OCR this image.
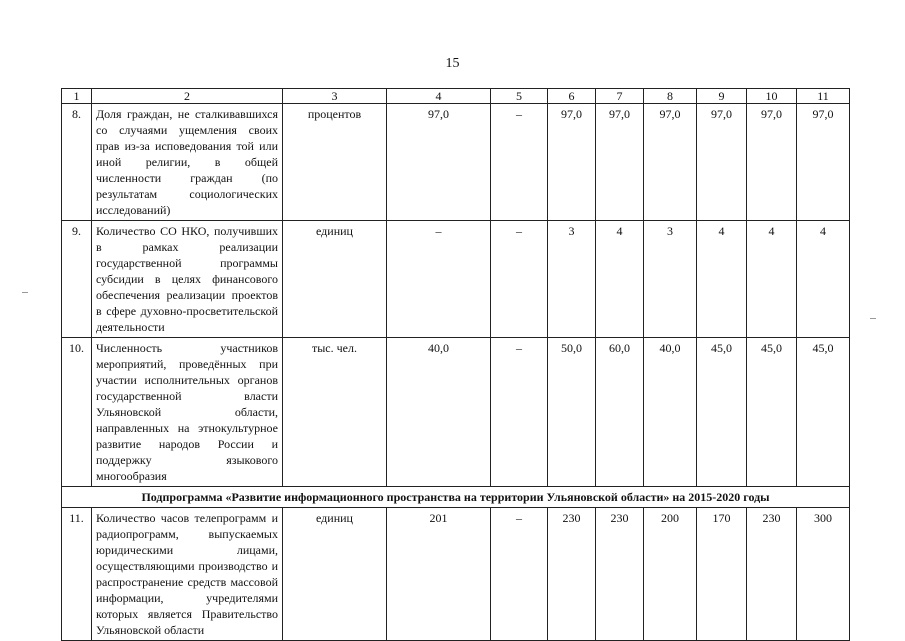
15
1	2	3	4	5	6	7	8	9	10	11
8.	Доля граждан, не сталкивавшихся со случаями ущемления своих прав из-за исповедования той или иной религии, в общей численности граждан (по результатам социологических исследований)	процентов	97,0	–	97,0	97,0	97,0	97,0	97,0	97,0
9.	Количество СО НКО, получивших в рамках реализации государственной программы субсидии в целях финансового обеспечения реализации проектов в сфере духовно-просветительской деятельности	единиц	–	–	3	4	3	4	4	4
10.	Численность участников мероприятий, проведённых при участии исполнительных органов государственной власти Ульяновской области, направленных на этнокультурное развитие народов России и поддержку языкового многообразия	тыс. чел.	40,0	–	50,0	60,0	40,0	45,0	45,0	45,0
Подпрограмма «Развитие информационного пространства на территории Ульяновской области» на 2015-2020 годы										
11.	Количество часов телепрограмм и радиопрограмм, выпускаемых юридическими лицами, осуществляющими производство и распространение средств массовой информации, учредителями которых является Правительство Ульяновской области	единиц	201	–	230	230	200	170	230	300
